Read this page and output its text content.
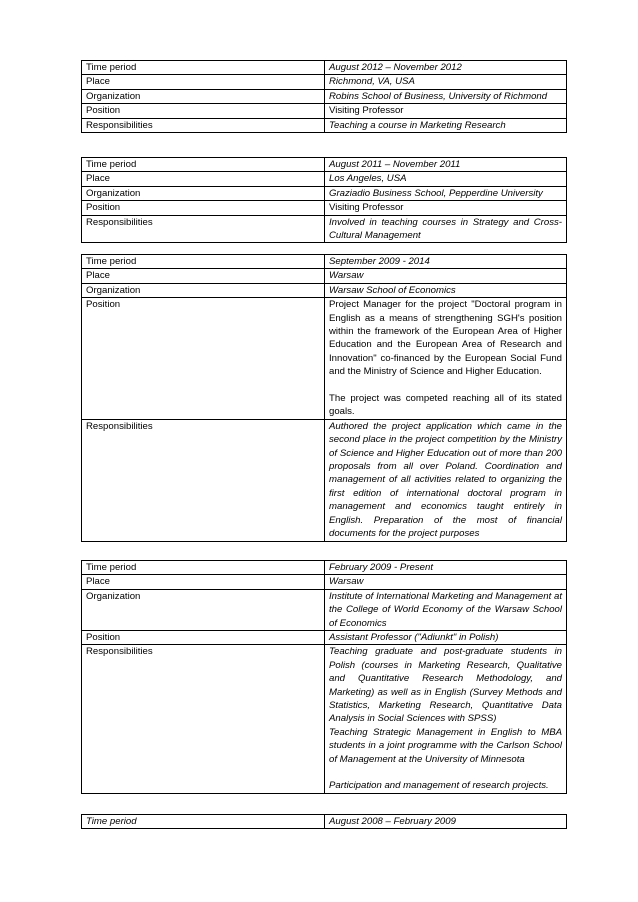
Time period	August 2012 – November 2012
Place	Richmond, VA, USA
Organization	Robins School of Business, University of Richmond
Position	Visiting Professor
Responsibilities	Teaching a course in Marketing Research
Time period	August 2011 – November 2011
Place	Los Angeles, USA
Organization	Graziadio Business School, Pepperdine University
Position	Visiting Professor
Responsibilities	Involved in teaching courses in Strategy and Cross-Cultural Management
Time period	September 2009 - 2014
Place	Warsaw
Organization	Warsaw School of Economics
Position	Project Manager for the project "Doctoral program in English as a means of strengthening SGH's position within the framework of the European Area of Higher Education and the European Area of Research and Innovation" co-financed by the European Social Fund and the Ministry of Science and Higher Education.
The project was competed reaching all of its stated goals.

Responsibilities	Authored the project application which came in the second place in the project competition by the Ministry of Science and Higher Education out of more than 200 proposals from all over Poland. Coordination and management of all activities related to organizing the first edition of international doctoral program in management and economics taught entirely in English. Preparation of the most of financial documents for the project purposes
Time period	February 2009 - Present
Place	Warsaw
Organization	Institute of International Marketing and Management at the College of World Economy of the Warsaw School of Economics
Position	Assistant Professor ("Adiunkt" in Polish)
Responsibilities	Teaching graduate and post-graduate students in Polish (courses in Marketing Research, Qualitative and Quantitative Research Methodology, and Marketing) as well as in English (Survey Methods and Statistics, Marketing Research, Quantitative Data Analysis in Social Sciences with SPSS)
Teaching Strategic Management in English to MBA students in a joint programme with the Carlson School of Management at the University of Minnesota
Participation and management of research projects.
Time period	August 2008 – February 2009
